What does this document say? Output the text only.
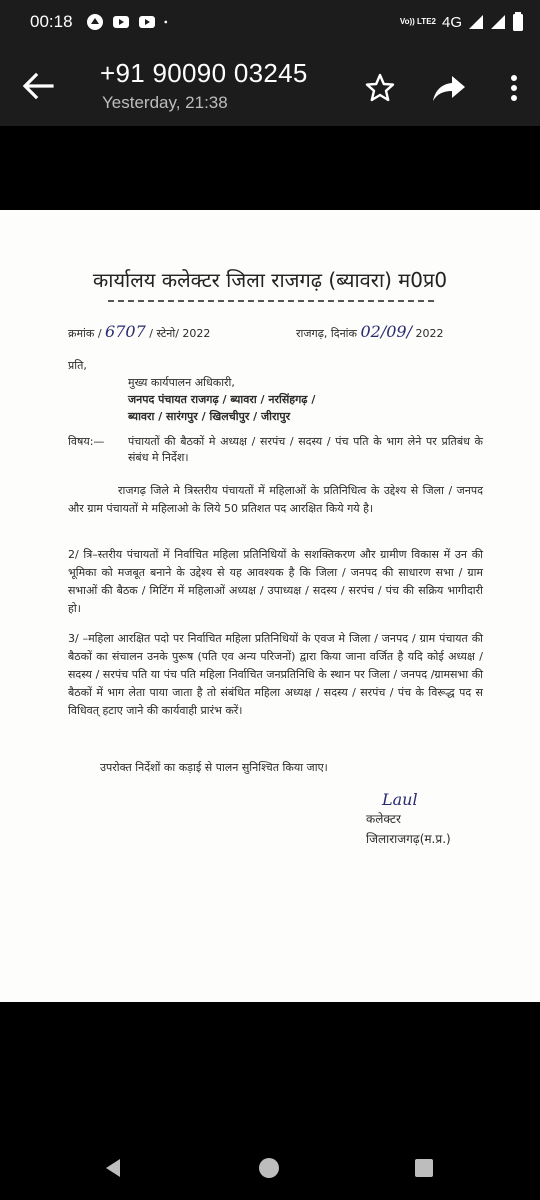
00:18	Vo)) LTE2 4G
+91 90090 03245
Yesterday, 21:38
कार्यालय कलेक्टर जिला राजगढ़ (ब्यावरा) म0प्र0
क्रमांक / 6707 / स्टेनो/ 2022	राजगढ़, दिनांक 02/09/ 2022
प्रति,
मुख्य कार्यपालन अधिकारी,
जनपद पंचायत राजगढ़ / ब्यावरा / नरसिंहगढ़ /
ब्यावरा / सारंगपुर / खिलचीपुर / जीरापुर
विषय:— पंचायतों की बैठकों मे अध्यक्ष / सरपंच / सदस्य / पंच पति के भाग लेने पर प्रतिबंध के संबंध मे निर्देश।
राजगढ़ जिले मे त्रिस्तरीय पंचायतों में महिलाओं के प्रतिनिधित्व के उद्देश्य से जिला / जनपद और ग्राम पंचायतों मे महिलाओ के लिये 50 प्रतिशत पद आरक्षित किये गये है।
2/ त्रि–स्तरीय पंचायतों में निर्वाचित महिला प्रतिनिधियों के सशक्तिकरण और ग्रामीण विकास में उन की भूमिका को मजबूत बनाने के उद्देश्य से यह आवश्यक है कि जिला / जनपद की साधारण सभा / ग्राम सभाओं की बैठक / मिटिंग में महिलाओं अध्यक्ष / उपाध्यक्ष / सदस्य / सरपंच / पंच की सक्रिय भागीदारी हो।
3/ –महिला आरक्षित पदो पर निर्वाचित महिला प्रतिनिधियों के एवज मे जिला / जनपद / ग्राम पंचायत की बैठकों का संचालन उनके पुरूष (पति एव अन्य परिजनों) द्वारा किया जाना वर्जित है यदि कोई अध्यक्ष / सदस्य / सरपंच पति या पंच पति महिला निर्वाचित जनप्रतिनिधि के स्थान पर जिला / जनपद /ग्रामसभा की बैठकों में भाग लेता पाया जाता है तो संबंधित महिला अध्यक्ष / सदस्य / सरपंच / पंच के विरूद्ध पद स विधिवत् हटाए जाने की कार्यवाही प्रारंभ करें।
उपरोक्त निर्देशों का कड़ाई से पालन सुनिश्चित किया जाए।
Laul
कलेक्टर
जिलाराजगढ़(म.प्र.)
